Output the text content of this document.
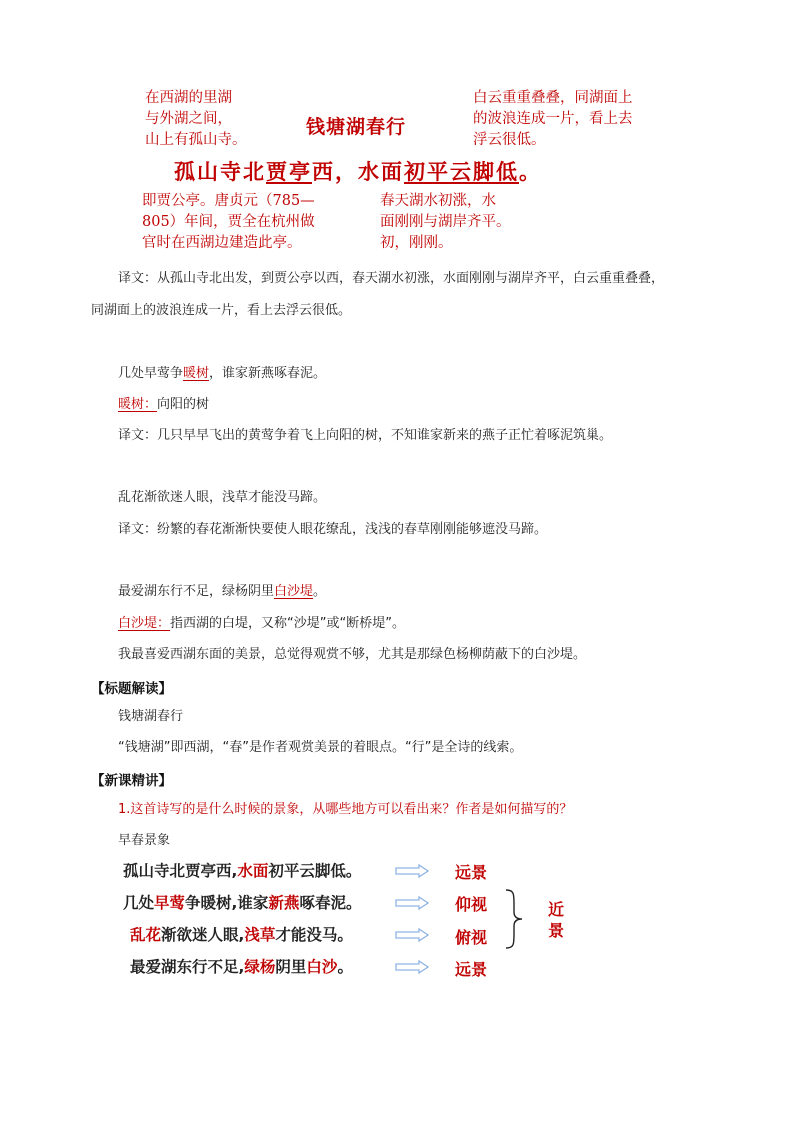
在西湖的里湖
与外湖之间，
山上有孤山寺。
钱塘湖春行
白云重重叠叠，同湖面上
的波浪连成一片，看上去
浮云很低。
孤山寺北贾亭西，水面初平云脚低。
即贾公亭。唐贞元（785—
805）年间，贾全在杭州做
官时在西湖边建造此亭。
春天湖水初涨，水
面刚刚与湖岸齐平。
初，刚刚。
译文：从孤山寺北出发，到贾公亭以西，春天湖水初涨，水面刚刚与湖岸齐平，白云重重叠叠，
同湖面上的波浪连成一片，看上去浮云很低。
几处早莺争暖树，谁家新燕啄春泥。
暖树：向阳的树
译文：几只早早飞出的黄莺争着飞上向阳的树，不知谁家新来的燕子正忙着啄泥筑巢。
乱花渐欲迷人眼，浅草才能没马蹄。
译文：纷繁的春花渐渐快要使人眼花缭乱，浅浅的春草刚刚能够遮没马蹄。
最爱湖东行不足，绿杨阴里白沙堤。
白沙堤：指西湖的白堤，又称“沙堤”或“断桥堤”。
我最喜爱西湖东面的美景，总觉得观赏不够，尤其是那绿色杨柳荫蔽下的白沙堤。
【标题解读】
钱塘湖春行
“钱塘湖”即西湖，“春”是作者观赏美景的着眼点。“行”是全诗的线索。
【新课精讲】
1.这首诗写的是什么时候的景象，从哪些地方可以看出来？作者是如何描写的？
早春景象
孤山寺北贾亭西,水面初平云脚低。
几处早莺争暖树,谁家新燕啄春泥。
乱花渐欲迷人眼,浅草才能没马。
最爱湖东行不足,绿杨阴里白沙。
远景
仰视
俯视
远景
近
景
